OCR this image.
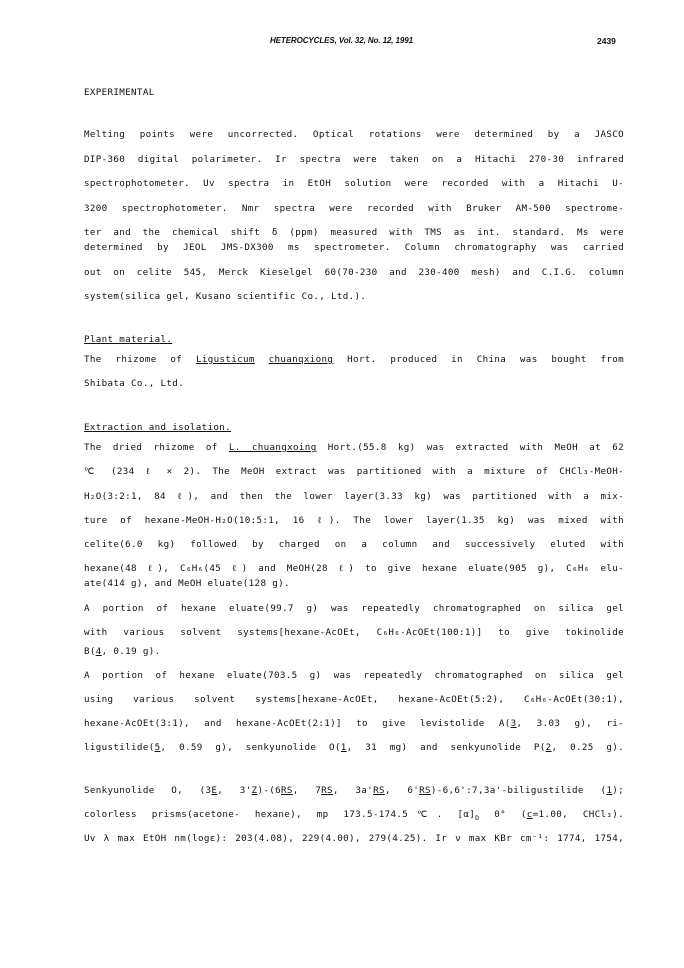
HETEROCYCLES, Vol. 32, No. 12, 1991	2439
EXPERIMENTAL
Melting points were uncorrected. Optical rotations were determined by a JASCO
DIP-360 digital polarimeter. Ir spectra were taken on a Hitachi 270-30 infrared
spectrophotometer. Uv spectra in EtOH solution were recorded with a Hitachi U-
3200 spectrophotometer. Nmr spectra were recorded with Bruker AM-500 spectrome-
ter and the chemical shift δ (ppm) measured with TMS as int. standard. Ms were
determined by JEOL JMS-DX300 ms spectrometer. Column chromatography was carried
out on celite 545, Merck Kieselgel 60(70-230 and 230-400 mesh) and C.I.G. column
system(silica gel, Kusano scientific Co., Ltd.).
Plant material.
The rhizome of Ligusticum chuanqxiong Hort. produced in China was bought from
Shibata Co., Ltd.
Extraction and isolation.
The dried rhizome of L. chuangxoing Hort.(55.8 kg) was extracted with MeOH at 62
℃ (234 ℓ × 2). The MeOH extract was partitioned with a mixture of CHCl₃-MeOH-
H₂O(3:2:1, 84 ℓ), and then the lower layer(3.33 kg) was partitioned with a mix-
ture of hexane-MeOH-H₂O(10:5:1, 16 ℓ). The lower layer(1.35 kg) was mixed with
celite(6.0 kg) followed by charged on a column and successively eluted with
hexane(48 ℓ), C₆H₆(45 ℓ) and MeOH(28 ℓ) to give hexane eluate(905 g), C₆H₆ elu-
ate(414 g), and MeOH eluate(128 g).
A portion of hexane eluate(99.7 g) was repeatedly chromatographed on silica gel
with various solvent systems[hexane-AcOEt, C₆H₆-AcOEt(100:1)] to give tokinolide
B(4, 0.19 g).
A portion of hexane eluate(703.5 g) was repeatedly chromatographed on silica gel
using various solvent systems[hexane-AcOEt, hexane-AcOEt(5:2), C₆H₆-AcOEt(30:1),
hexane-AcOEt(3:1), and hexane-AcOEt(2:1)] to give levistolide A(3, 3.03 g), ri-
ligustilide(5, 0.59 g), senkyunolide O(1, 31 mg) and senkyunolide P(2, 0.25 g).
Senkyunolide O, (3E, 3'Z)-(6RS, 7RS, 3a'RS, 6'RS)-6,6':7,3a'-biligustilide (1);
colorless prisms(acetone- hexane), mp 173.5-174.5℃. $[\alpha]_D$ 0° (c=1.00, CHCl₃).
Uv λ max EtOH nm(logε): 203(4.08), 229(4.00), 279(4.25). Ir ν max KBr cm⁻¹: 1774, 1754,
